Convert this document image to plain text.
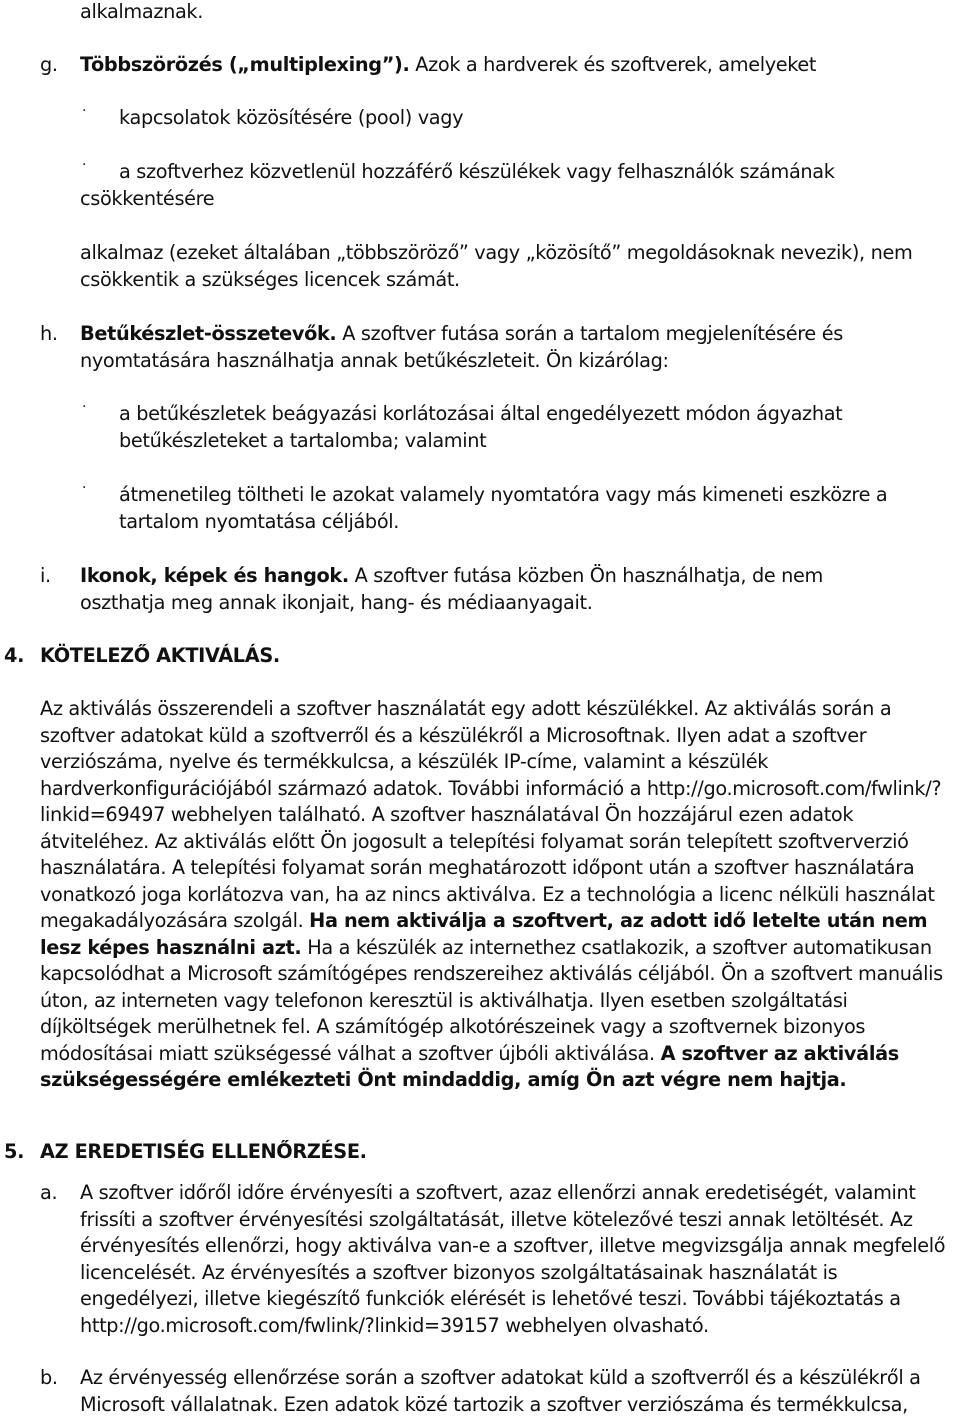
alkalmaznak.

g. Többszörözés („multiplexing”). Azok a hardverek és szoftverek, amelyeket

· kapcsolatok közösítésére (pool) vagy

·	a szoftverhez közvetlenül hozzáférő készülékek vagy felhasználók számának csökkentésére

alkalmaz (ezeket általában „többszöröző” vagy „közösítő” megoldásoknak nevezik), nem csökkentik a szükséges licencek számát.

h. Betűkészlet-összetevők. A szoftver futása során a tartalom megjelenítésére és nyomtatására használhatja annak betűkészleteit. Ön kizárólag:

· a betűkészletek beágyazási korlátozásai által engedélyezett módon ágyazhat betűkészleteket a tartalomba; valamint

· átmenetileg töltheti le azokat valamely nyomtatóra vagy más kimeneti eszközre a tartalom nyomtatása céljából.

i. Ikonok, képek és hangok. A szoftver futása közben Ön használhatja, de nem oszthatja meg annak ikonjait, hang- és médiaanyagait.

4. KÖTELEZŐ AKTIVÁLÁS.

Az aktiválás összerendeli a szoftver használatát egy adott készülékkel. Az aktiválás során a szoftver adatokat küld a szoftverről és a készülékről a Microsoftnak. Ilyen adat a szoftver verziószáma, nyelve és termékkulcsa, a készülék IP-címe, valamint a készülék hardverkonfigurációjából származó adatok. További információ a http://go.microsoft.com/fwlink/?linkid=69497 webhelyen található. A szoftver használatával Ön hozzájárul ezen adatok átviteléhez. Az aktiválás előtt Ön jogosult a telepítési folyamat során telepített szoftververzió használatára. A telepítési folyamat során meghatározott időpont után a szoftver használatára vonatkozó joga korlátozva van, ha az nincs aktiválva. Ez a technológia a licenc nélküli használat megakadályozására szolgál. Ha nem aktiválja a szoftvert, az adott idő letelte után nem lesz képes használni azt. Ha a készülék az internethez csatlakozik, a szoftver automatikusan kapcsolódhat a Microsoft számítógépes rendszereihez aktiválás céljából. Ön a szoftvert manuális úton, az interneten vagy telefonon keresztül is aktiválhatja. Ilyen esetben szolgáltatási díjköltségek merülhetnek fel. A számítógép alkotórészeinek vagy a szoftvernek bizonyos módosításai miatt szükségessé válhat a szoftver újbóli aktiválása. A szoftver az aktiválás szükségességére emlékezteti Önt mindaddig, amíg Ön azt végre nem hajtja.

5. AZ EREDETISÉG ELLENŐRZÉSE.

a. A szoftver időről időre érvényesíti a szoftvert, azaz ellenőrzi annak eredetiségét, valamint frissíti a szoftver érvényesítési szolgáltatását, illetve kötelezővé teszi annak letöltését. Az érvényesítés ellenőrzi, hogy aktiválva van-e a szoftver, illetve megvizsgálja annak megfelelő licencelését. Az érvényesítés a szoftver bizonyos szolgáltatásainak használatát is engedélyezi, illetve kiegészítő funkciók elérését is lehetővé teszi. További tájékoztatás a http://go.microsoft.com/fwlink/?linkid=39157 webhelyen olvasható.

b. Az érvényesség ellenőrzése során a szoftver adatokat küld a szoftverről és a készülékről a Microsoft vállalatnak. Ezen adatok közé tartozik a szoftver verziószáma és termékkulcsa,
